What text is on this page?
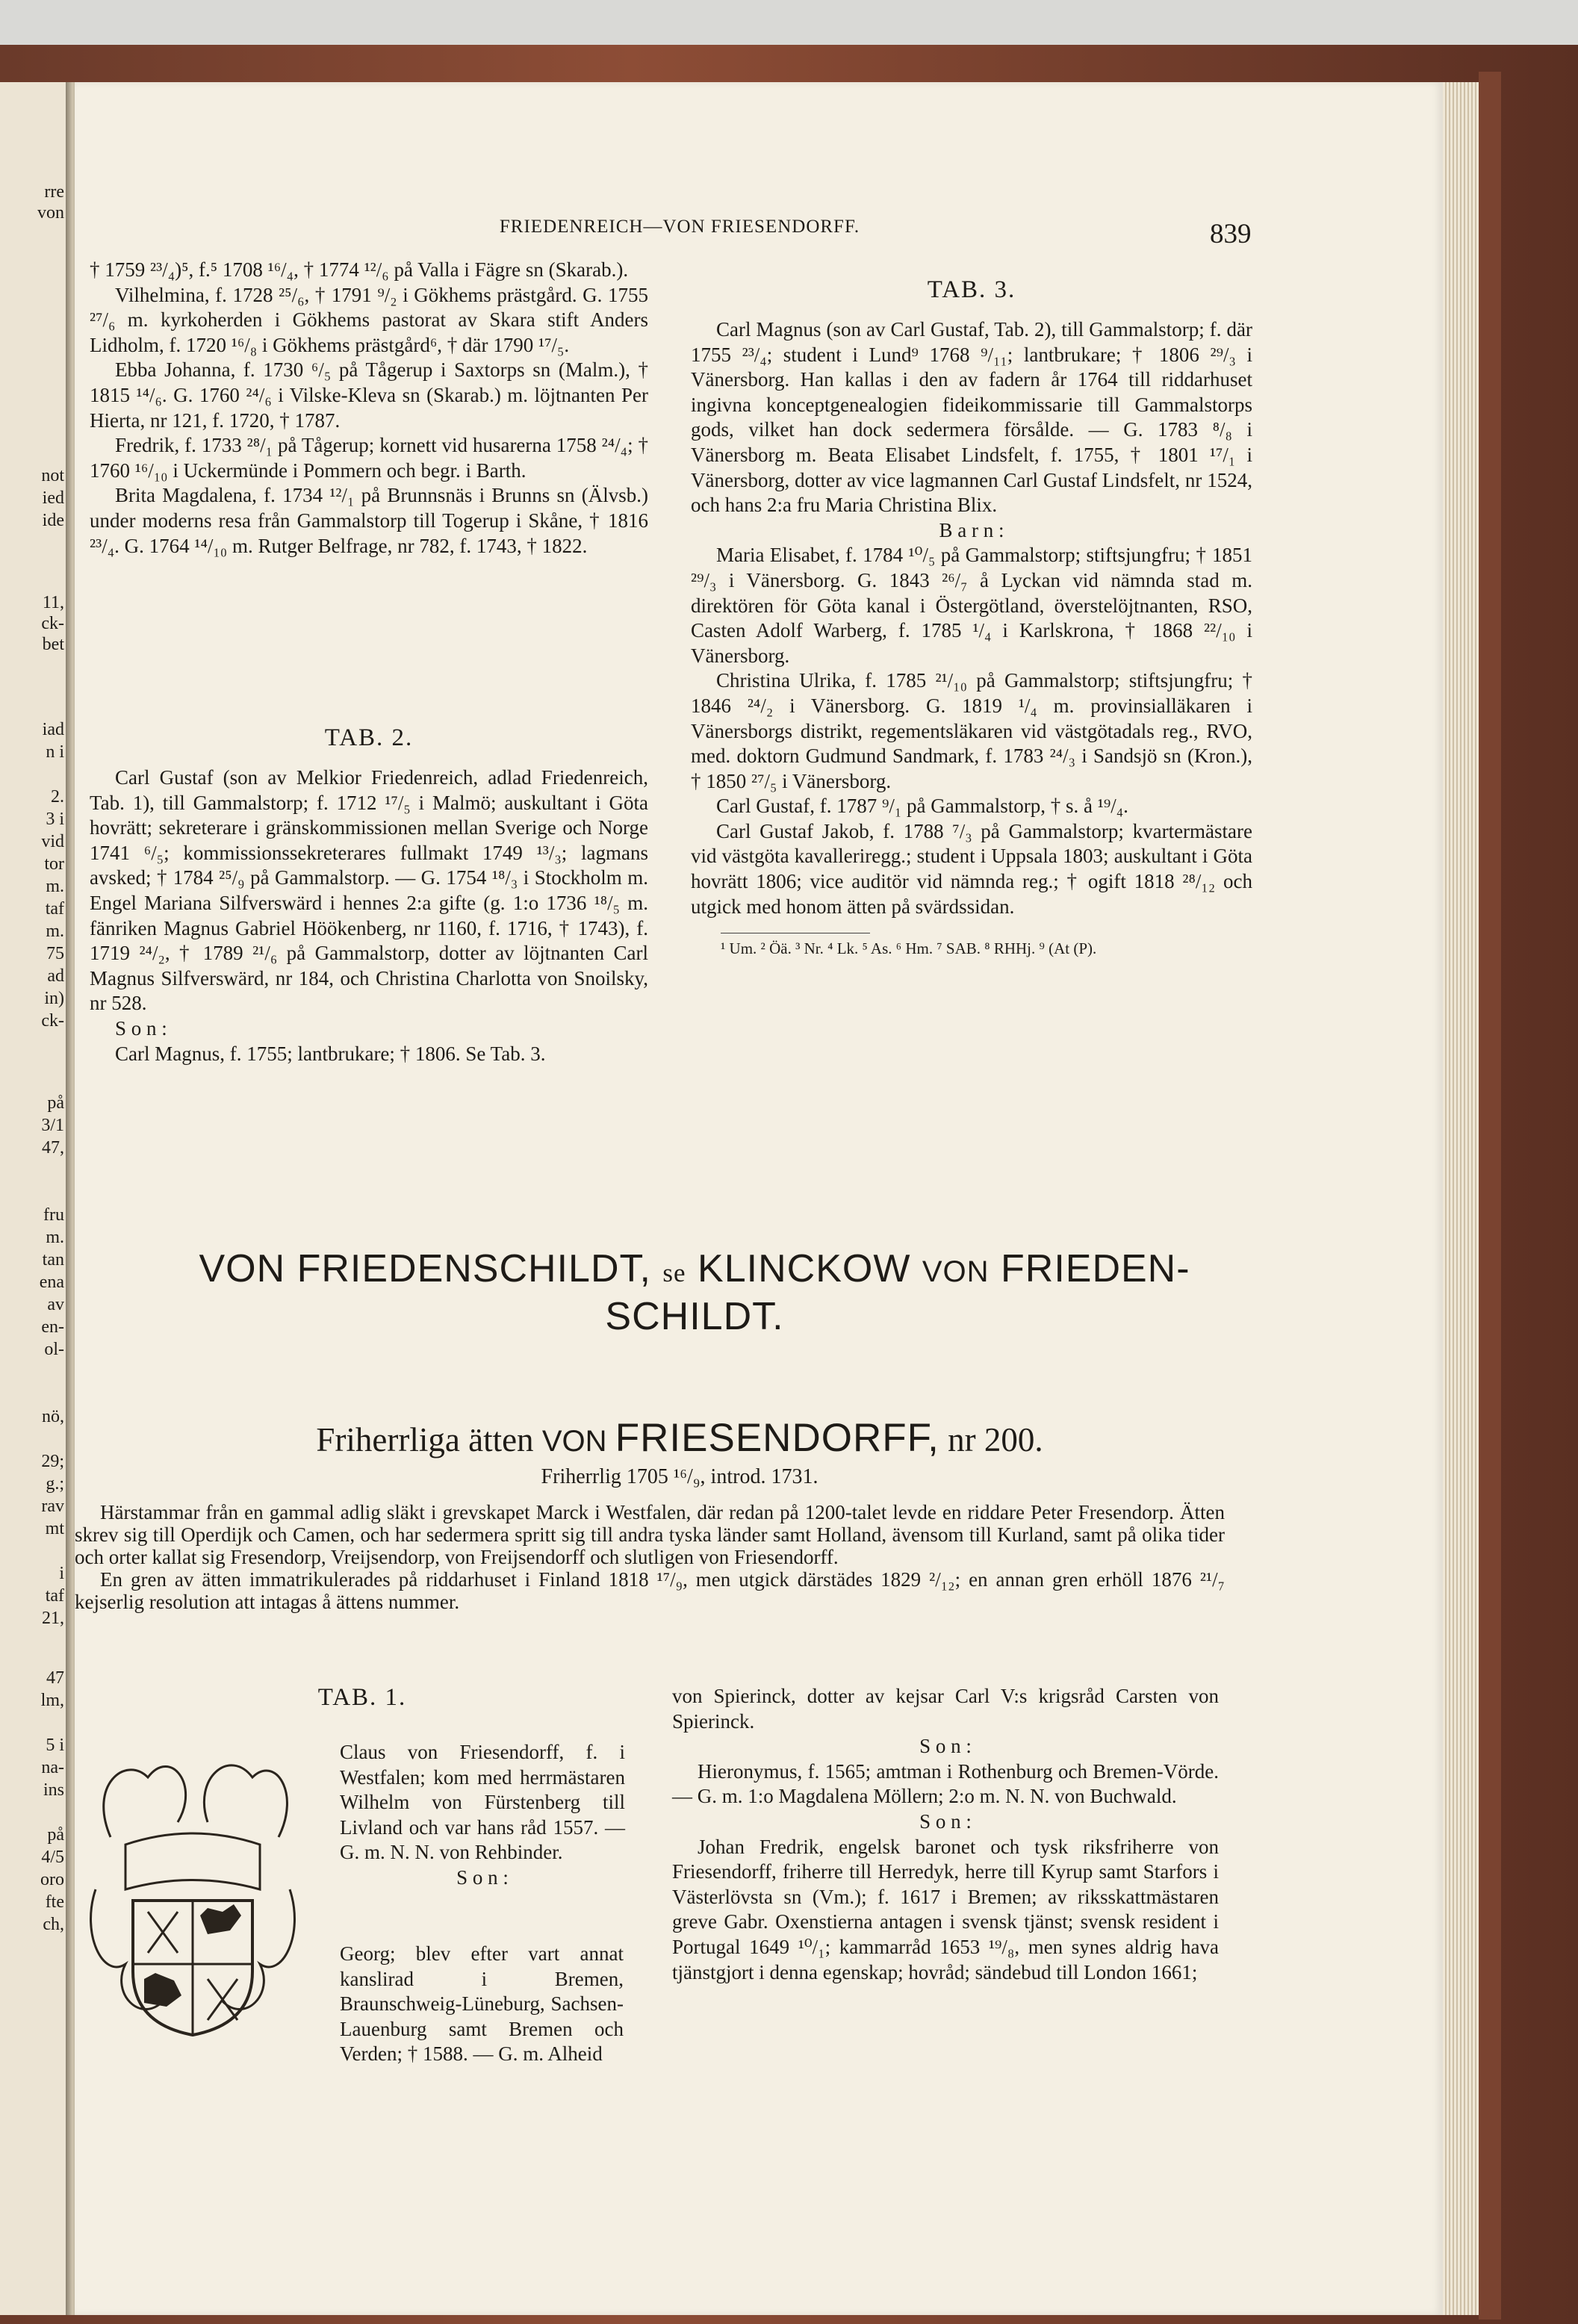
rre
von
not
ied
ide
11,
ck-
bet
iad
n i
2.
3 i
vid
tor
m.
taf
m.
75
ad
in)
ck-
på
3/1
47,
fru
m.
tan
ena
av
en-
ol-
nö,
29;
g.;
rav
mt
i
taf
21,
47
lm,
5 i
na-
ins
på
4/5
oro
fte
ch,
FRIEDENREICH—VON FRIESENDORFF.	839

† 1759 ²³/₄)⁵, f.⁵ 1708 ¹⁶/₄, † 1774 ¹²/₆ på Valla i Fägre sn (Skarab.).

Vilhelmina, f. 1728 ²⁵/₆, † 1791 ⁹/₂ i Gökhems prästgård. G. 1755 ²⁷/₆ m. kyrkoherden i Gökhems pastorat av Skara stift Anders Lidholm, f. 1720 ¹⁶/₈ i Gökhems prästgård⁶, † där 1790 ¹⁷/₅.

Ebba Johanna, f. 1730 ⁶/₅ på Tågerup i Saxtorps sn (Malm.), † 1815 ¹⁴/₆. G. 1760 ²⁴/₆ i Vilske-Kleva sn (Skarab.) m. löjtnanten Per Hierta, nr 121, f. 1720, † 1787.

Fredrik, f. 1733 ²⁸/₁ på Tågerup; kornett vid husarerna 1758 ²⁴/₄; † 1760 ¹⁶/₁₀ i Uckermünde i Pommern och begr. i Barth.

Brita Magdalena, f. 1734 ¹²/₁ på Brunnsnäs i Brunns sn (Älvsb.) under moderns resa från Gammalstorp till Togerup i Skåne, † 1816 ²³/₄. G. 1764 ¹⁴/₁₀ m. Rutger Belfrage, nr 782, f. 1743, † 1822.

TAB. 2.

Carl Gustaf (son av Melkior Friedenreich, adlad Friedenreich, Tab. 1), till Gammalstorp; f. 1712 ¹⁷/₅ i Malmö; auskultant i Göta hovrätt; sekreterare i gränskommissionen mellan Sverige och Norge 1741 ⁶/₅; kommissionssekreterares fullmakt 1749 ¹³/₃; lagmans avsked; † 1784 ²⁵/₉ på Gammalstorp. — G. 1754 ¹⁸/₃ i Stockholm m. Engel Mariana Silfverswärd i hennes 2:a gifte (g. 1:o 1736 ¹⁸/₅ m. fänriken Magnus Gabriel Höökenberg, nr 1160, f. 1716, † 1743), f. 1719 ²⁴/₂, † 1789 ²¹/₆ på Gammalstorp, dotter av löjtnanten Carl Magnus Silfverswärd, nr 184, och Christina Charlotta von Snoilsky, nr 528.

S o n :

Carl Magnus, f. 1755; lantbrukare; † 1806. Se Tab. 3.

TAB. 3.

Carl Magnus (son av Carl Gustaf, Tab. 2), till Gammalstorp; f. där 1755 ²³/₄; student i Lund⁹ 1768 ⁹/₁₁; lantbrukare; † 1806 ²⁹/₃ i Vänersborg. Han kallas i den av fadern år 1764 till riddarhuset ingivna konceptgenealogien fideikommissarie till Gammalstorps gods, vilket han dock sedermera försålde. — G. 1783 ⁸/₈ i Vänersborg m. Beata Elisabet Lindsfelt, f. 1755, † 1801 ¹⁷/₁ i Vänersborg, dotter av vice lagmannen Carl Gustaf Lindsfelt, nr 1524, och hans 2:a fru Maria Christina Blix.

B a r n :

Maria Elisabet, f. 1784 ¹⁰/₅ på Gammalstorp; stiftsjungfru; † 1851 ²⁹/₃ i Vänersborg. G. 1843 ²⁶/₇ å Lyckan vid nämnda stad m. direktören för Göta kanal i Östergötland, överstelöjtnanten, RSO, Casten Adolf Warberg, f. 1785 ¹/₄ i Karlskrona, † 1868 ²²/₁₀ i Vänersborg.

Christina Ulrika, f. 1785 ²¹/₁₀ på Gammalstorp; stiftsjungfru; † 1846 ²⁴/₂ i Vänersborg. G. 1819 ¹/₄ m. provinsialläkaren i Vänersborgs distrikt, regementsläkaren vid västgötadals reg., RVO, med. doktorn Gudmund Sandmark, f. 1783 ²⁴/₃ i Sandsjö sn (Kron.), † 1850 ²⁷/₅ i Vänersborg.

Carl Gustaf, f. 1787 ⁹/₁ på Gammalstorp, † s. å ¹⁹/₄.

Carl Gustaf Jakob, f. 1788 ⁷/₃ på Gammalstorp; kvartermästare vid västgöta kavalleriregg.; student i Uppsala 1803; auskultant i Göta hovrätt 1806; vice auditör vid nämnda reg.; † ogift 1818 ²⁸/₁₂ och utgick med honom ätten på svärdssidan.

¹ Um. ² Öä. ³ Nr. ⁴ Lk. ⁵ As. ⁶ Hm. ⁷ SAB. ⁸ RHHj. ⁹ (At (P).

VON FRIEDENSCHILDT, se KLINCKOW VON FRIEDEN-
SCHILDT.
Friherrliga ätten VON FRIESENDORFF, nr 200.
Friherrlig 1705 ¹⁶/₉, introd. 1731.

Härstammar från en gammal adlig släkt i grevskapet Marck i Westfalen, där redan på 1200-talet levde en riddare Peter Fresendorp. Ätten skrev sig till Operdijk och Camen, och har sedermera spritt sig till andra tyska länder samt Holland, ävensom till Kurland, samt på olika tider och orter kallat sig Fresendorp, Vreijsendorp, von Freijsendorff och slutligen von Friesendorff.

En gren av ätten immatrikulerades på riddarhuset i Finland 1818 ¹⁷/₉, men utgick därstädes 1829 ²/₁₂; en annan gren erhöll 1876 ²¹/₇ kejserlig resolution att intagas å ättens nummer.

TAB. 1.

Claus von Friesendorff, f. i Westfalen; kom med herrmästaren Wilhelm von Fürstenberg till Livland och var hans råd 1557. — G. m. N. N. von Rehbinder.

S o n :

Georg; blev efter vart annat kanslirad i Bremen, Braunschweig-Lüneburg, Sachsen-Lauenburg samt Bremen och Verden; † 1588. — G. m. Alheid

von Spierinck, dotter av kejsar Carl V:s krigsråd Carsten von Spierinck.

S o n :

Hieronymus, f. 1565; amtman i Rothenburg och Bremen-Vörde. — G. m. 1:o Magdalena Möllern; 2:o m. N. N. von Buchwald.

S o n :

Johan Fredrik, engelsk baronet och tysk riksfriherre von Friesendorff, friherre till Herredyk, herre till Kyrup samt Starfors i Västerlövsta sn (Vm.); f. 1617 i Bremen; av riksskattmästaren greve Gabr. Oxenstierna antagen i svensk tjänst; svensk resident i Portugal 1649 ¹⁰/₁; kammarråd 1653 ¹⁹/₈, men synes aldrig hava tjänstgjort i denna egenskap; hovråd; sändebud till London 1661;
